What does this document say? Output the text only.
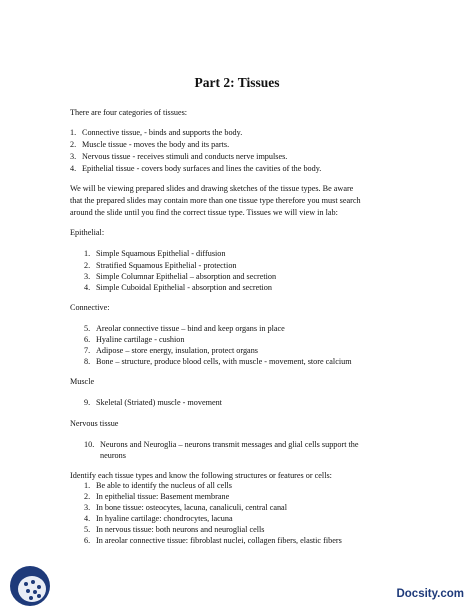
Part 2: Tissues
There are four categories of tissues:
1. Connective tissue, - binds and supports the body.
2. Muscle tissue - moves the body and its parts.
3. Nervous tissue - receives stimuli and conducts nerve impulses.
4. Epithelial tissue - covers body surfaces and lines the cavities of the body.
We will be viewing prepared slides and drawing sketches of the tissue types. Be aware
that the prepared slides may contain more than one tissue type therefore you must search
around the slide until you find the correct tissue type. Tissues we will view in lab:
Epithelial:
1. Simple Squamous Epithelial - diffusion
2. Stratified Squamous Epithelial - protection
3. Simple Columnar Epithelial – absorption and secretion
4. Simple Cuboidal Epithelial - absorption and secretion
Connective:
5. Areolar connective tissue – bind and keep organs in place
6. Hyaline cartilage - cushion
7. Adipose – store energy, insulation, protect organs
8. Bone – structure, produce blood cells, with muscle - movement, store calcium
Muscle
9. Skeletal (Striated) muscle - movement
Nervous tissue
10. Neurons and Neuroglia – neurons transmit messages and glial cells support the
neurons
Identify each tissue types and know the following structures or features or cells:
1. Be able to identify the nucleus of all cells
2. In epithelial tissue: Basement membrane
3. In bone tissue: osteocytes, lacuna, canaliculi, central canal
4. In hyaline cartilage: chondrocytes, lacuna
5. In nervous tissue: both neurons and neuroglial cells
6. In areolar connective tissue: fibroblast nuclei, collagen fibers, elastic fibers
Docsity.com
